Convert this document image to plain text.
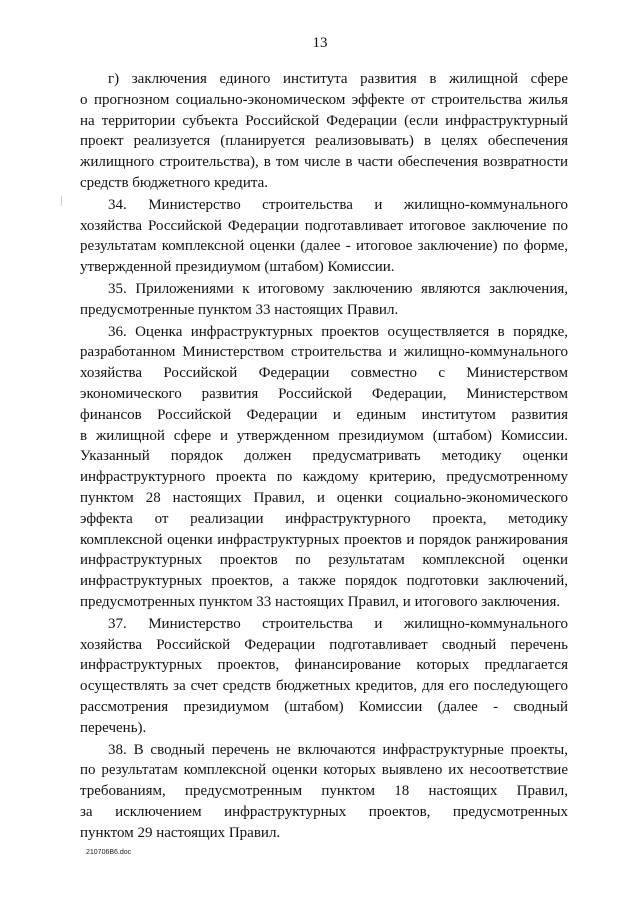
13
г) заключения единого института развития в жилищной сфере
о прогнозном социально-экономическом эффекте от строительства жилья
на территории субъекта Российской Федерации (если инфраструктурный
проект реализуется (планируется реализовывать) в целях обеспечения
жилищного строительства), в том числе в части обеспечения возвратности
средств бюджетного кредита.
34. Министерство строительства и жилищно-коммунального
хозяйства Российской Федерации подготавливает итоговое заключение по
результатам комплексной оценки (далее - итоговое заключение) по форме,
утвержденной президиумом (штабом) Комиссии.
35. Приложениями к итоговому заключению являются заключения,
предусмотренные пунктом 33 настоящих Правил.
36. Оценка инфраструктурных проектов осуществляется в порядке,
разработанном Министерством строительства и жилищно-коммунального
хозяйства Российской Федерации совместно с Министерством
экономического развития Российской Федерации, Министерством
финансов Российской Федерации и единым институтом развития
в жилищной сфере и утвержденном президиумом (штабом) Комиссии.
Указанный порядок должен предусматривать методику оценки
инфраструктурного проекта по каждому критерию, предусмотренному
пунктом 28 настоящих Правил, и оценки социально-экономического
эффекта от реализации инфраструктурного проекта, методику
комплексной оценки инфраструктурных проектов и порядок ранжирования
инфраструктурных проектов по результатам комплексной оценки
инфраструктурных проектов, а также порядок подготовки заключений,
предусмотренных пунктом 33 настоящих Правил, и итогового заключения.
37. Министерство строительства и жилищно-коммунального
хозяйства Российской Федерации подготавливает сводный перечень
инфраструктурных проектов, финансирование которых предлагается
осуществлять за счет средств бюджетных кредитов, для его последующего
рассмотрения президиумом (штабом) Комиссии (далее - сводный
перечень).
38. В сводный перечень не включаются инфраструктурные проекты,
по результатам комплексной оценки которых выявлено их несоответствие
требованиям, предусмотренным пунктом 18 настоящих Правил,
за исключением инфраструктурных проектов, предусмотренных
пунктом 29 настоящих Правил.
210706B6.doc
